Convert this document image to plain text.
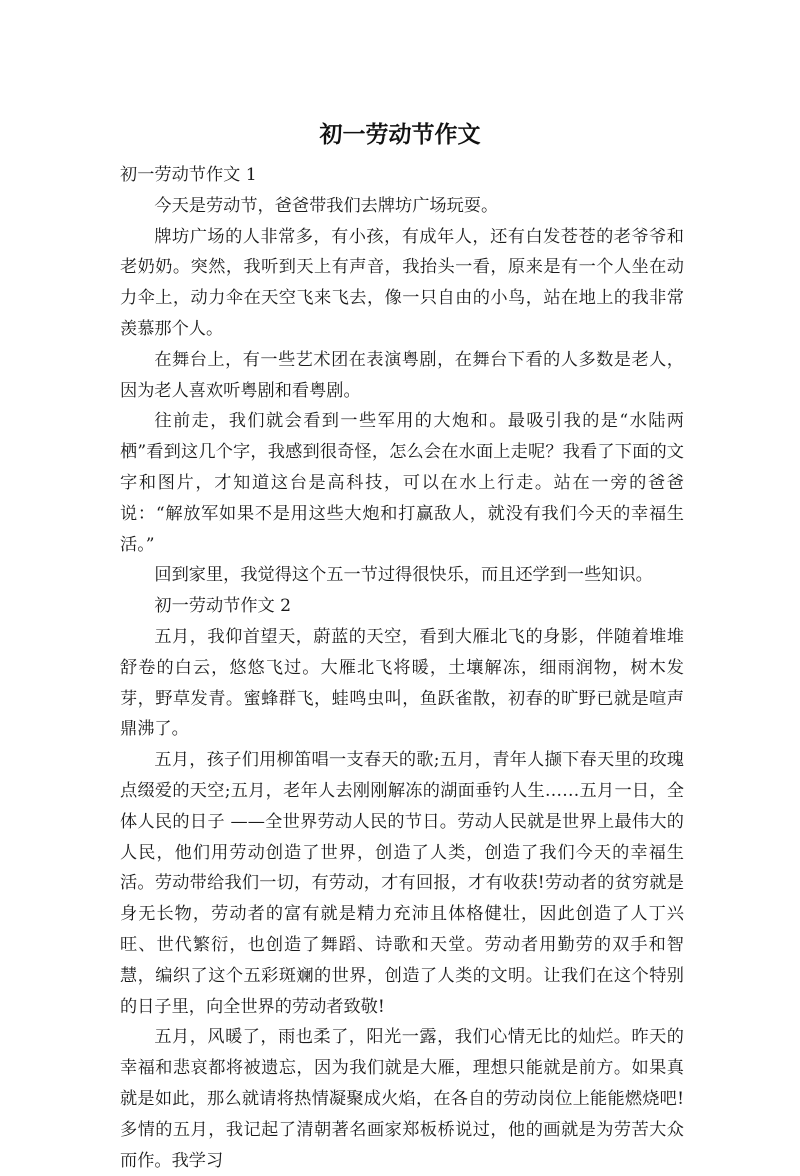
初一劳动节作文

初一劳动节作文 1

今天是劳动节，爸爸带我们去牌坊广场玩耍。

牌坊广场的人非常多，有小孩，有成年人，还有白发苍苍的老爷爷和老奶奶。突然，我听到天上有声音，我抬头一看，原来是有一个人坐在动力伞上，动力伞在天空飞来飞去，像一只自由的小鸟，站在地上的我非常羡慕那个人。

在舞台上，有一些艺术团在表演粤剧，在舞台下看的人多数是老人，因为老人喜欢听粤剧和看粤剧。

往前走，我们就会看到一些军用的大炮和。最吸引我的是“水陆两栖”看到这几个字，我感到很奇怪，怎么会在水面上走呢？我看了下面的文字和图片，才知道这台是高科技，可以在水上行走。站在一旁的爸爸说：“解放军如果不是用这些大炮和打赢敌人，就没有我们今天的幸福生活。”

回到家里，我觉得这个五一节过得很快乐，而且还学到一些知识。

初一劳动节作文 2

五月，我仰首望天，蔚蓝的天空，看到大雁北飞的身影，伴随着堆堆舒卷的白云，悠悠飞过。大雁北飞将暖，土壤解冻，细雨润物，树木发芽，野草发青。蜜蜂群飞，蛙鸣虫叫，鱼跃雀散，初春的旷野已就是喧声鼎沸了。

五月，孩子们用柳笛唱一支春天的歌;五月，青年人撷下春天里的玫瑰点缀爱的天空;五月，老年人去刚刚解冻的湖面垂钓人生……五月一日，全体人民的日子 ——全世界劳动人民的节日。劳动人民就是世界上最伟大的人民，他们用劳动创造了世界，创造了人类，创造了我们今天的幸福生活。劳动带给我们一切，有劳动，才有回报，才有收获!劳动者的贫穷就是身无长物，劳动者的富有就是精力充沛且体格健壮，因此创造了人丁兴旺、世代繁衍，也创造了舞蹈、诗歌和天堂。劳动者用勤劳的双手和智慧，编织了这个五彩斑斓的世界，创造了人类的文明。让我们在这个特别的日子里，向全世界的劳动者致敬!

五月，风暖了，雨也柔了，阳光一露，我们心情无比的灿烂。昨天的幸福和悲哀都将被遗忘，因为我们就是大雁，理想只能就是前方。如果真就是如此，那么就请将热情凝聚成火焰，在各自的劳动岗位上能能燃烧吧!多情的五月，我记起了清朝著名画家郑板桥说过，他的画就是为劳苦大众而作。我学习
